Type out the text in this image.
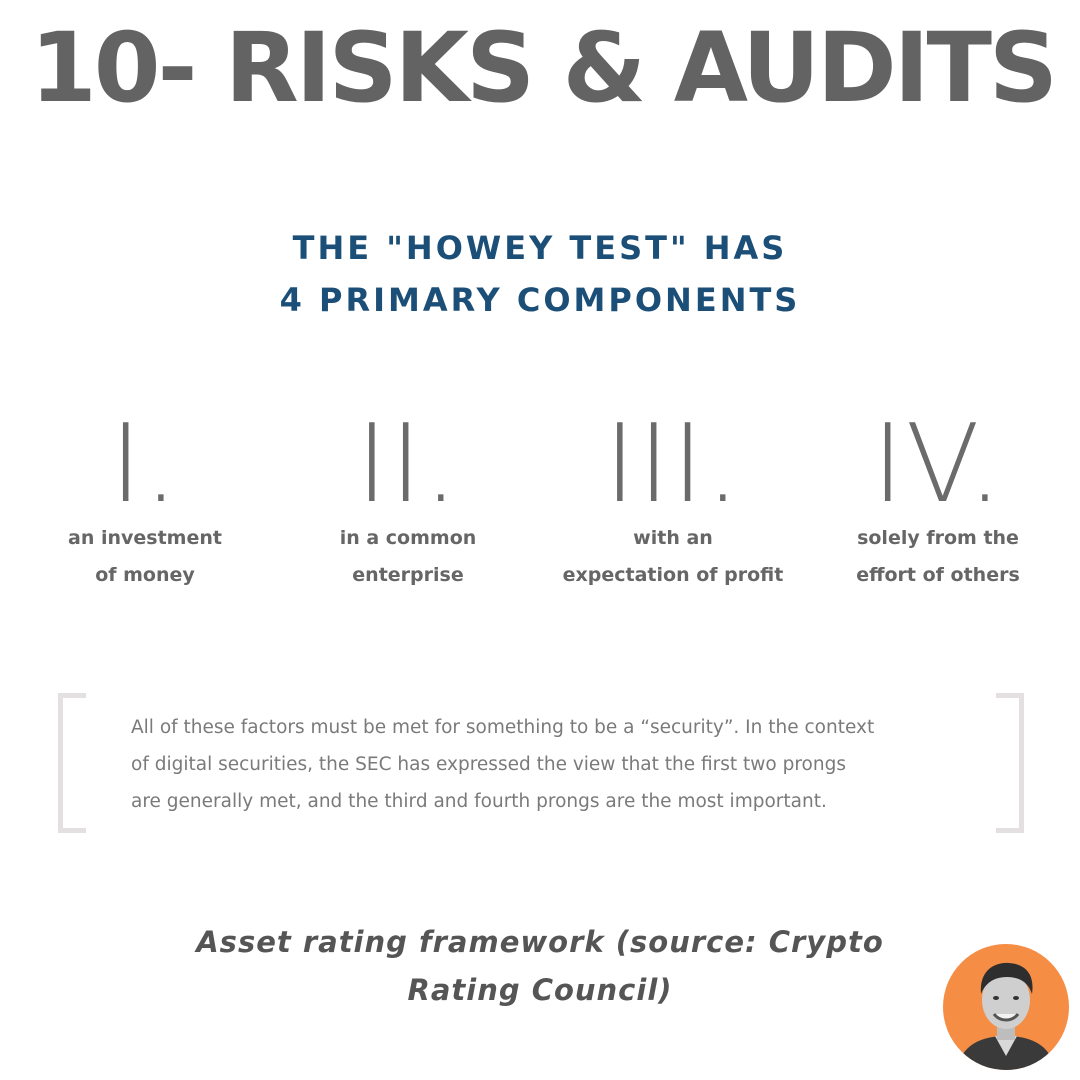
10- RISKS & AUDITS
THE "HOWEY TEST" HAS
4 PRIMARY COMPONENTS
I.
an investment
of money
II.
in a common
enterprise
III.
with an
expectation of profit
IV.
solely from the
effort of others
All of these factors must be met for something to be a “security”. In the context
of digital securities, the SEC has expressed the view that the first two prongs
are generally met, and the third and fourth prongs are the most important.
Asset rating framework (source: Crypto
Rating Council)
